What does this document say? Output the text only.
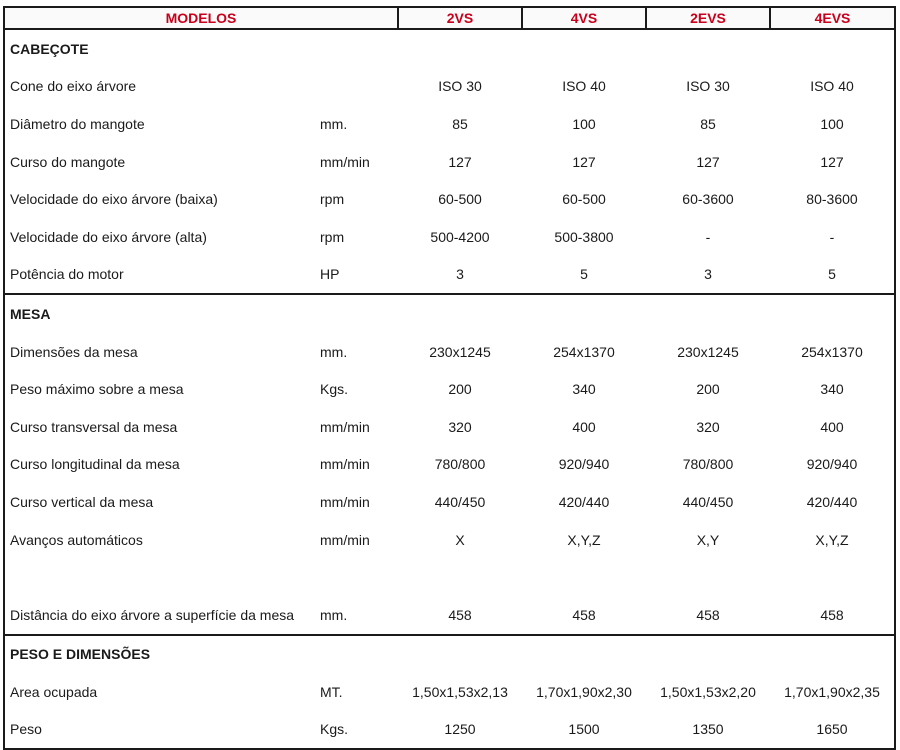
MODELOS		2VS	4VS	2EVS	4EVS
CABEÇOTE					
Cone do eixo árvore		ISO 30	ISO 40	ISO 30	ISO 40
Diâmetro do mangote	mm.	85	100	85	100
Curso do mangote	mm/min	127	127	127	127
Velocidade do eixo árvore (baixa)	rpm	60-500	60-500	60-3600	80-3600
Velocidade do eixo árvore (alta)	rpm	500-4200	500-3800	-	-
Potência do motor	HP	3	5	3	5
MESA					
Dimensões da mesa	mm.	230x1245	254x1370	230x1245	254x1370
Peso máximo sobre a mesa	Kgs.	200	340	200	340
Curso transversal da mesa	mm/min	320	400	320	400
Curso longitudinal da mesa	mm/min	780/800	920/940	780/800	920/940
Curso vertical da mesa	mm/min	440/450	420/440	440/450	420/440
Avanços automáticos	mm/min	X	X,Y,Z	X,Y	X,Y,Z

Distância do eixo árvore a superfície da mesa	mm.	458	458	458	458
PESO E DIMENSÕES					
Area ocupada	MT.	1,50x1,53x2,13	1,70x1,90x2,30	1,50x1,53x2,20	1,70x1,90x2,35
Peso	Kgs.	1250	1500	1350	1650
